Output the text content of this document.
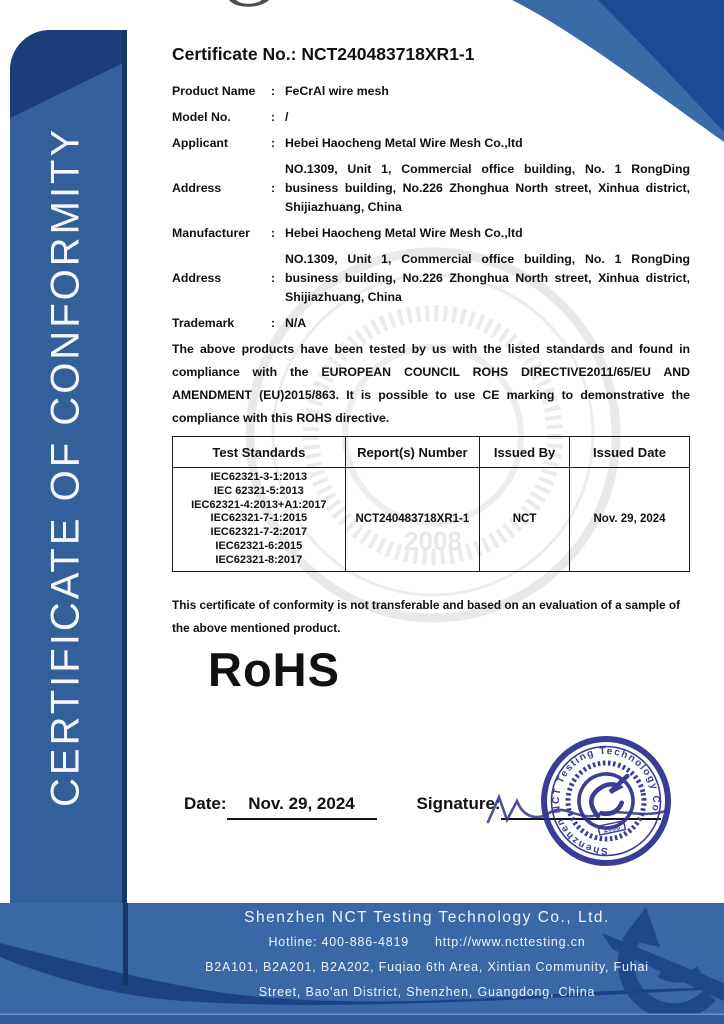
2008
CERTIFICATE OF CONFORMITY
Certificate No.: NCT240483718XR1-1
Product Name	: FeCrAl wire mesh
Model No.	: /
Applicant	: Hebei Haocheng Metal Wire Mesh Co.,ltd
Address	:
NO.1309, Unit 1, Commercial office building, No. 1 RongDing business building, No.226 Zhonghua North street, Xinhua district, Shijiazhuang, China
Manufacturer	: Hebei Haocheng Metal Wire Mesh Co.,ltd
Address	:
NO.1309, Unit 1, Commercial office building, No. 1 RongDing business building, No.226 Zhonghua North street, Xinhua district, Shijiazhuang, China
Trademark	: N/A
The above products have been tested by us with the listed standards and found in compliance with the EUROPEAN COUNCIL ROHS DIRECTIVE2011/65/EU AND AMENDMENT (EU)2015/863. It is possible to use CE marking to demonstrative the compliance with this ROHS directive.
Test Standards	Report(s) Number	Issued By	Issued Date

IEC62321-3-1:2013
IEC 62321-5:2013
IEC62321-4:2013+A1:2017
IEC62321-7-1:2015
IEC62321-7-2:2017
IEC62321-6:2015
IEC62321-8:2017
	NCT240483718XR1-1	NCT	Nov. 29, 2024
This certificate of conformity is not transferable and based on an evaluation of a sample of the above mentioned product.
RoHS
Date:	Nov. 29, 2024	Signature:

Shenzhen NCT Testing Technology Co.
2008
Shenzhen NCT Testing Technology Co., Ltd.
Hotline: 400-886-4819 http://www.ncttesting.cn
B2A101, B2A201, B2A202, Fuqiao 6th Area, Xintian Community, Fuhai
Street, Bao'an District, Shenzhen, Guangdong, China
